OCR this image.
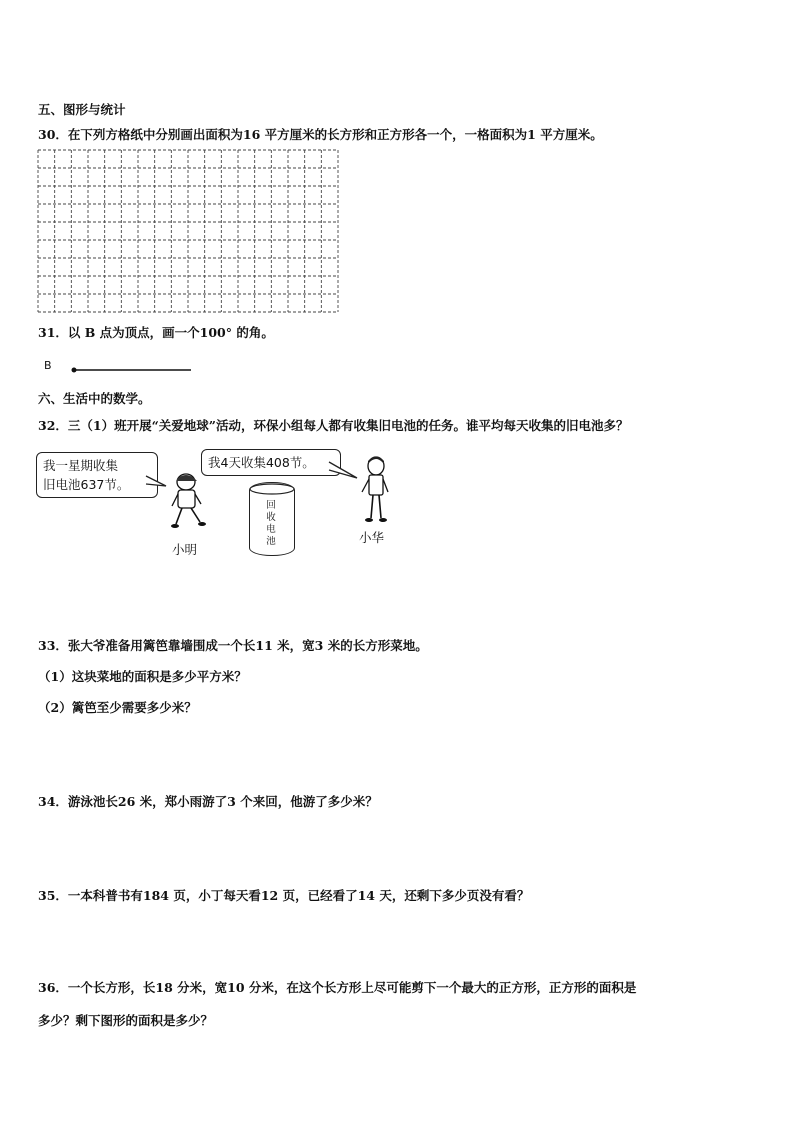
五、图形与统计
30．在下列方格纸中分别画出面积为16 平方厘米的长方形和正方形各一个，一格面积为1 平方厘米。
31．以 B 点为顶点，画一个100° 的角。
B
六、生活中的数学。
32．三（1）班开展“关爱地球”活动，环保小组每人都有收集旧电池的任务。谁平均每天收集的旧电池多？
我一星期收集
旧电池637节。
我4天收集408节。
小明
回收电池	小华
33．张大爷准备用篱笆靠墙围成一个长11 米，宽3 米的长方形菜地。
（1）这块菜地的面积是多少平方米？
（2）篱笆至少需要多少米？
34．游泳池长26 米，郑小雨游了3 个来回，他游了多少米？
35．一本科普书有184 页，小丁每天看12 页，已经看了14 天，还剩下多少页没有看？
36．一个长方形，长18 分米，宽10 分米，在这个长方形上尽可能剪下一个最大的正方形，正方形的面积是
多少？剩下图形的面积是多少？
